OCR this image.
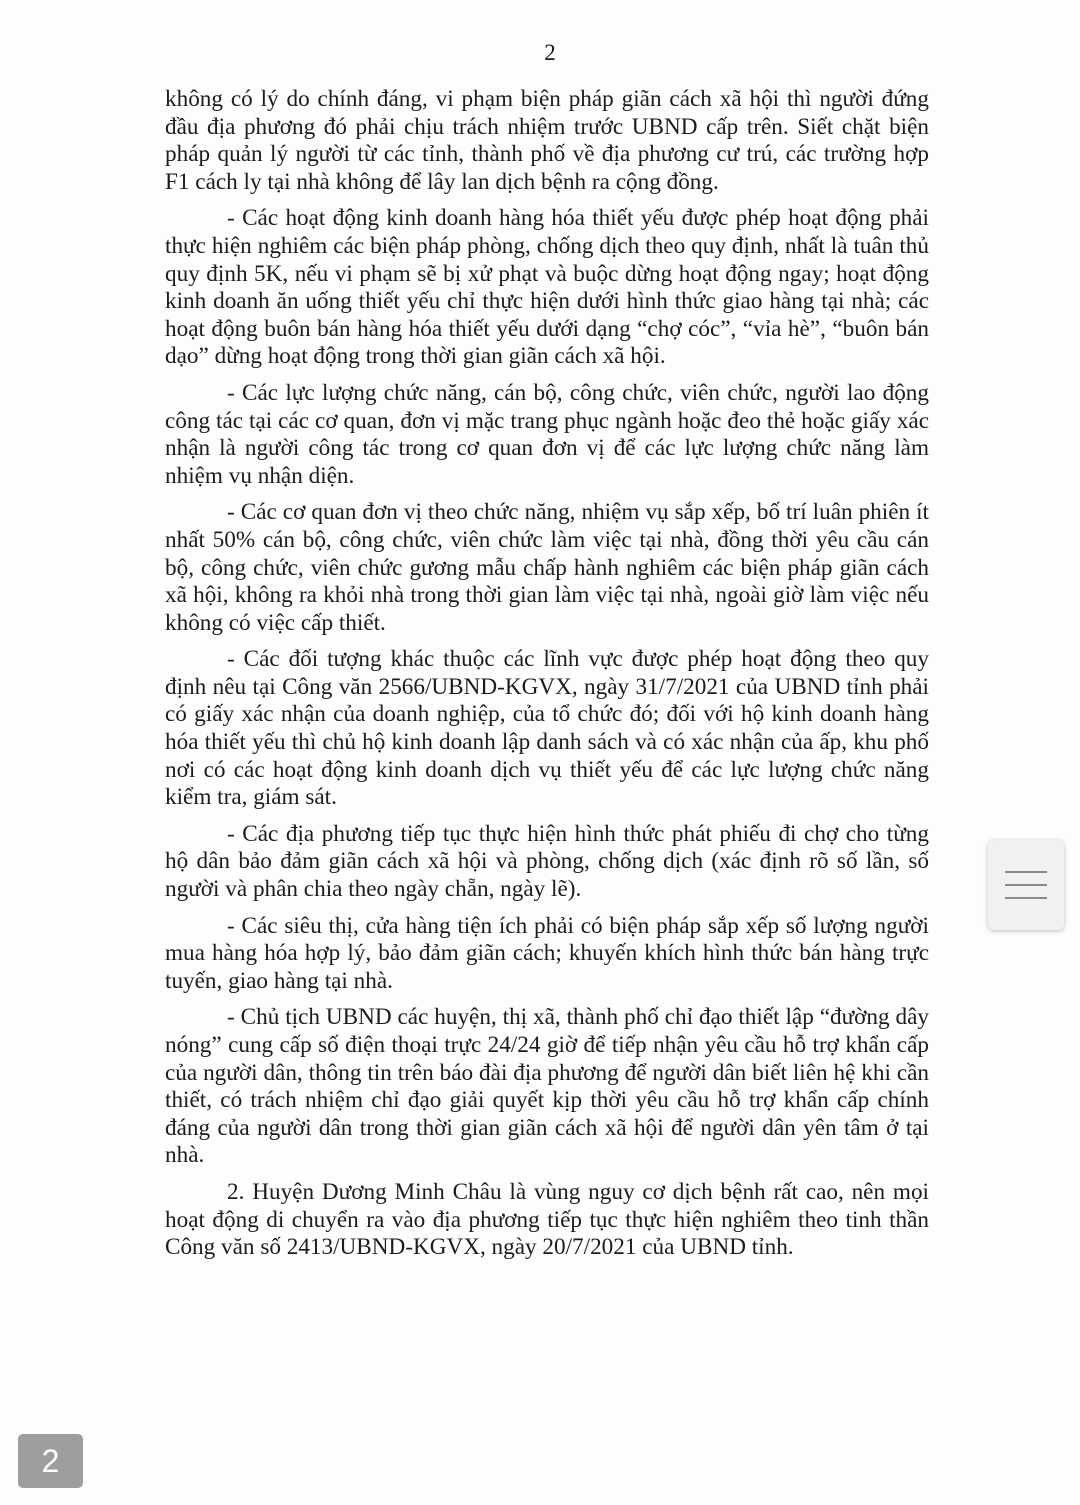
2

không có lý do chính đáng, vi phạm biện pháp giãn cách xã hội thì người đứng đầu địa phương đó phải chịu trách nhiệm trước UBND cấp trên. Siết chặt biện pháp quản lý người từ các tỉnh, thành phố về địa phương cư trú, các trường hợp F1 cách ly tại nhà không để lây lan dịch bệnh ra cộng đồng.

- Các hoạt động kinh doanh hàng hóa thiết yếu được phép hoạt động phải thực hiện nghiêm các biện pháp phòng, chống dịch theo quy định, nhất là tuân thủ quy định 5K, nếu vi phạm sẽ bị xử phạt và buộc dừng hoạt động ngay; hoạt động kinh doanh ăn uống thiết yếu chỉ thực hiện dưới hình thức giao hàng tại nhà; các hoạt động buôn bán hàng hóa thiết yếu dưới dạng “chợ cóc”, “vỉa hè”, “buôn bán dạo” dừng hoạt động trong thời gian giãn cách xã hội.

- Các lực lượng chức năng, cán bộ, công chức, viên chức, người lao động công tác tại các cơ quan, đơn vị mặc trang phục ngành hoặc đeo thẻ hoặc giấy xác nhận là người công tác trong cơ quan đơn vị để các lực lượng chức năng làm nhiệm vụ nhận diện.

- Các cơ quan đơn vị theo chức năng, nhiệm vụ sắp xếp, bố trí luân phiên ít nhất 50% cán bộ, công chức, viên chức làm việc tại nhà, đồng thời yêu cầu cán bộ, công chức, viên chức gương mẫu chấp hành nghiêm các biện pháp giãn cách xã hội, không ra khỏi nhà trong thời gian làm việc tại nhà, ngoài giờ làm việc nếu không có việc cấp thiết.

- Các đối tượng khác thuộc các lĩnh vực được phép hoạt động theo quy định nêu tại Công văn 2566/UBND-KGVX, ngày 31/7/2021 của UBND tỉnh phải có giấy xác nhận của doanh nghiệp, của tổ chức đó; đối với hộ kinh doanh hàng hóa thiết yếu thì chủ hộ kinh doanh lập danh sách và có xác nhận của ấp, khu phố nơi có các hoạt động kinh doanh dịch vụ thiết yếu để các lực lượng chức năng kiểm tra, giám sát.

- Các địa phương tiếp tục thực hiện hình thức phát phiếu đi chợ cho từng hộ dân bảo đảm giãn cách xã hội và phòng, chống dịch (xác định rõ số lần, số người và phân chia theo ngày chẵn, ngày lẽ).

- Các siêu thị, cửa hàng tiện ích phải có biện pháp sắp xếp số lượng người mua hàng hóa hợp lý, bảo đảm giãn cách; khuyến khích hình thức bán hàng trực tuyến, giao hàng tại nhà.

- Chủ tịch UBND các huyện, thị xã, thành phố chỉ đạo thiết lập “đường dây nóng” cung cấp số điện thoại trực 24/24 giờ để tiếp nhận yêu cầu hỗ trợ khẩn cấp của người dân, thông tin trên báo đài địa phương để người dân biết liên hệ khi cần thiết, có trách nhiệm chỉ đạo giải quyết kịp thời yêu cầu hỗ trợ khẩn cấp chính đáng của người dân trong thời gian giãn cách xã hội để người dân yên tâm ở tại nhà.

2. Huyện Dương Minh Châu là vùng nguy cơ dịch bệnh rất cao, nên mọi hoạt động di chuyển ra vào địa phương tiếp tục thực hiện nghiêm theo tinh thần Công văn số 2413/UBND-KGVX, ngày 20/7/2021 của UBND tỉnh.

2
